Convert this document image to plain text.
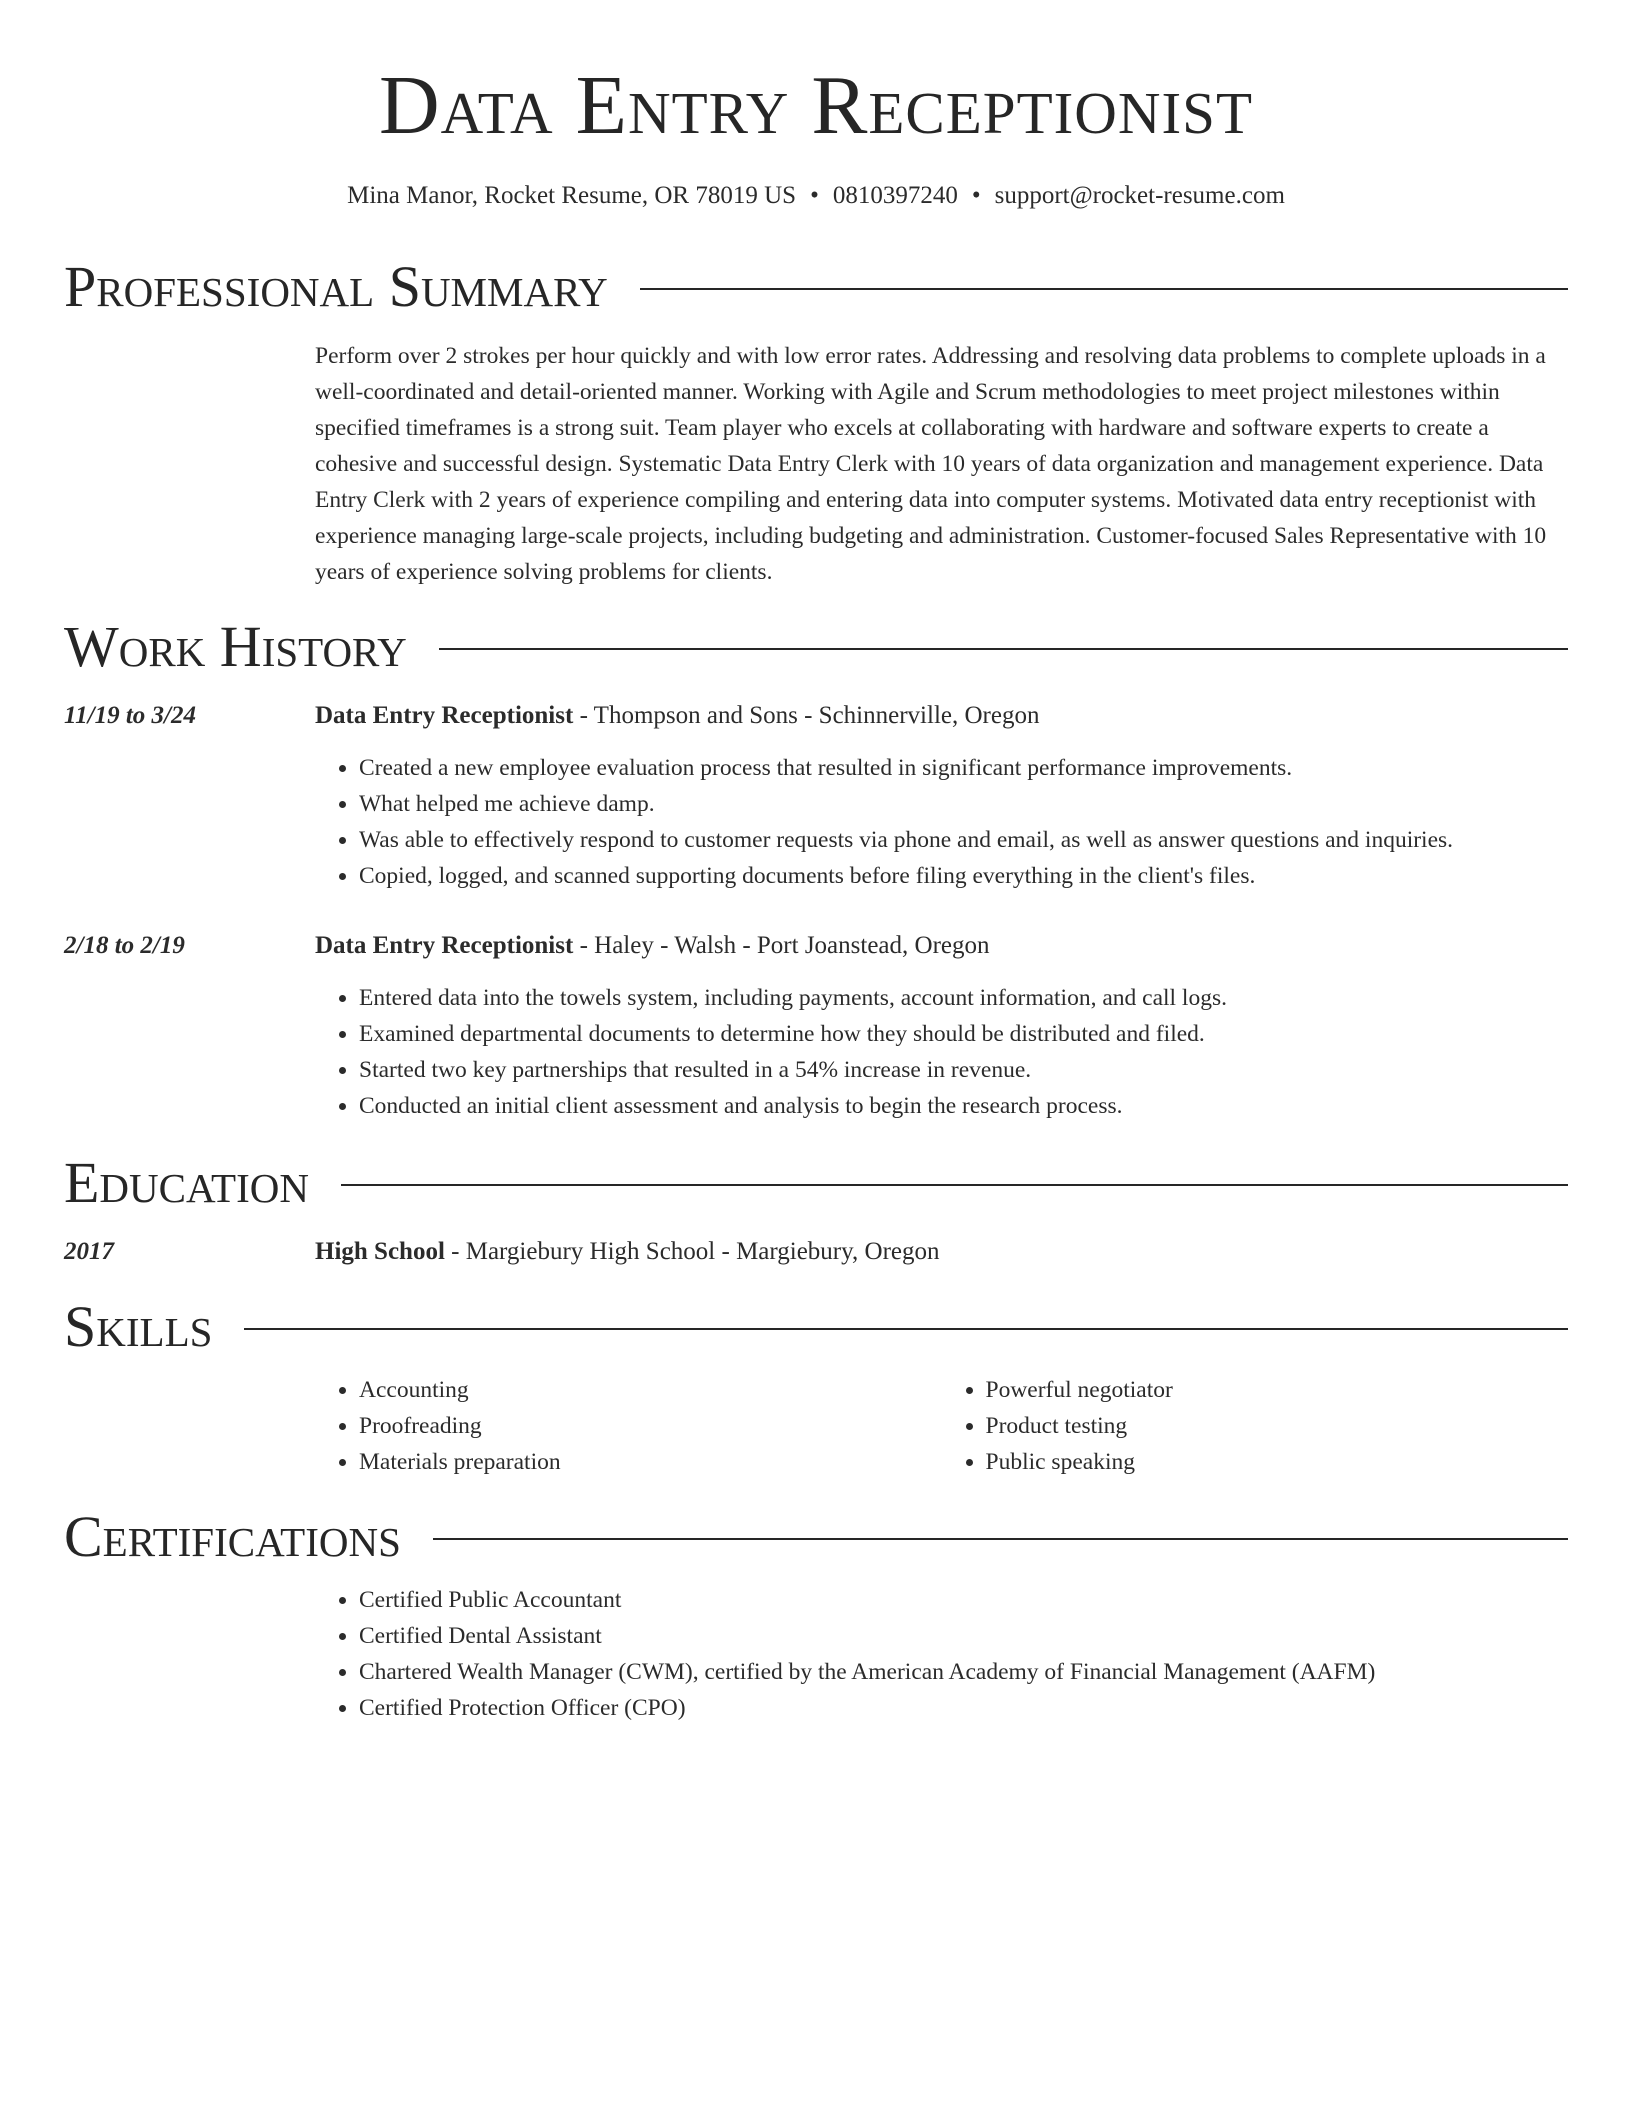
Data Entry Receptionist
Mina Manor, Rocket Resume, OR 78019 US • 0810397240 • support@rocket-resume.com
Professional Summary
Perform over 2 strokes per hour quickly and with low error rates. Addressing and resolving data problems to complete uploads in a well-coordinated and detail-oriented manner. Working with Agile and Scrum methodologies to meet project milestones within specified timeframes is a strong suit. Team player who excels at collaborating with hardware and software experts to create a cohesive and successful design. Systematic Data Entry Clerk with 10 years of data organization and management experience. Data Entry Clerk with 2 years of experience compiling and entering data into computer systems. Motivated data entry receptionist with experience managing large-scale projects, including budgeting and administration. Customer-focused Sales Representative with 10 years of experience solving problems for clients.
Work History
11/19 to 3/24	Data Entry Receptionist - Thompson and Sons - Schinnerville, Oregon
• Created a new employee evaluation process that resulted in significant performance improvements.
• What helped me achieve damp.
• Was able to effectively respond to customer requests via phone and email, as well as answer questions and inquiries.
• Copied, logged, and scanned supporting documents before filing everything in the client's files.
2/18 to 2/19	Data Entry Receptionist - Haley - Walsh - Port Joanstead, Oregon
• Entered data into the towels system, including payments, account information, and call logs.
• Examined departmental documents to determine how they should be distributed and filed.
• Started two key partnerships that resulted in a 54% increase in revenue.
• Conducted an initial client assessment and analysis to begin the research process.
Education
2017	High School - Margiebury High School - Margiebury, Oregon
Skills
• Accounting
• Proofreading
• Materials preparation
• Powerful negotiator
• Product testing
• Public speaking
Certifications
• Certified Public Accountant
• Certified Dental Assistant
• Chartered Wealth Manager (CWM), certified by the American Academy of Financial Management (AAFM)
• Certified Protection Officer (CPO)
